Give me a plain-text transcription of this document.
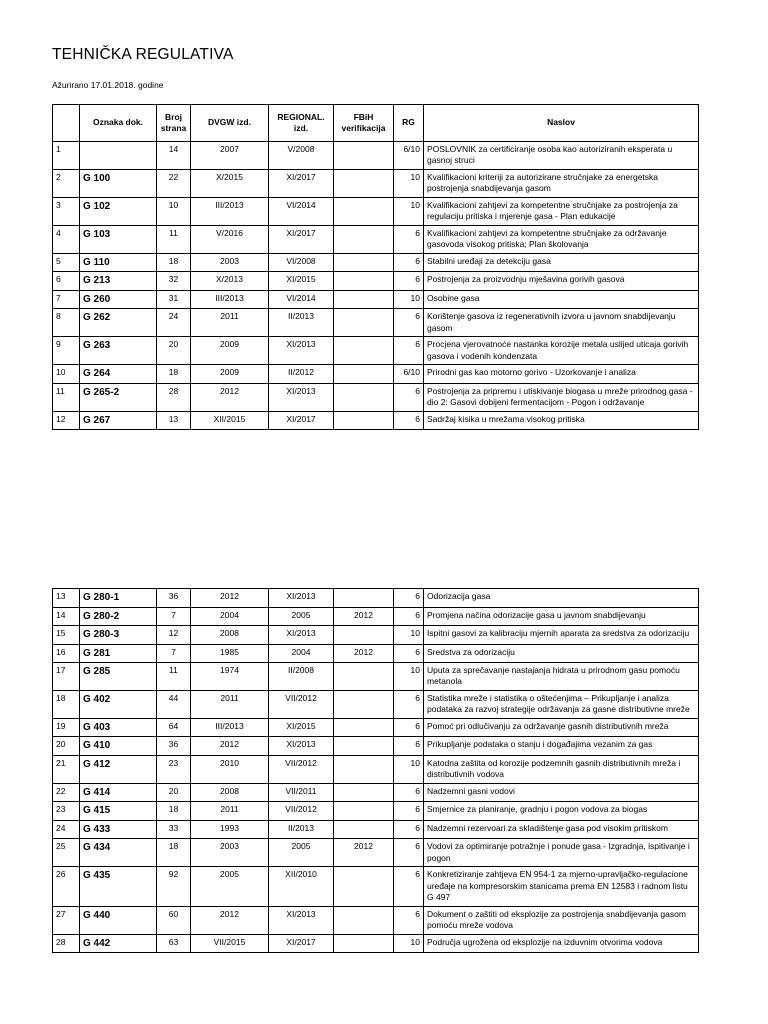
TEHNIČKA REGULATIVA
Ažurirano 17.01.2018. godine
	Oznaka dok.	Broj strana	DVGW izd.	REGIONAL. izd.	FBiH verifikacija	RG	Naslov
1		14	2007	V/2008		6/10	POSLOVNIK za certificiranje osoba kao autoriziranih eksperata u gasnoj struci
2	G 100	22	X/2015	XI/2017		10	Kvalifikacioni kriteriji za autorizirane stručnjake za energetska postrojenja snabdijevanja gasom
3	G 102	10	III/2013	VI/2014		10	Kvalifikacioni zahtjevi za kompetentne stručnjake za postrojenja za regulaciju pritiska i mjerenje gasa - Plan edukacije
4	G 103	11	V/2016	XI/2017		6	Kvalifikacioni zahtjevi za kompetentne stručnjake za održavanje gasovoda visokog pritiska; Plan školovanja
5	G 110	18	2003	VI/2008		6	Stabilni uređaji za detekciju gasa
6	G 213	32	X/2013	XI/2015		6	Postrojenja za proizvodnju mješavina gorivih gasova
7	G 260	31	III/2013	VI/2014		10	Osobine gasa
8	G 262	24	2011	II/2013		6	Korištenje gasova iz regenerativnih izvora u javnom snabdijevanju gasom
9	G 263	20	2009	XI/2013		6	Procjena vjerovatnoće nastanka korozije metala uslijed uticaja gorivih gasova i vodenih kondenzata
10	G 264	18	2009	II/2012		6/10	Prirodni gas kao motorno gorivo - Uzorkovanje i analiza
11	G 265-2	28	2012	XI/2013		6	Postrojenja za pripremu i utiskivanje biogasa u mreže prirodnog gasa - dio 2: Gasovi dobijeni fermentacijom - Pogon i održavanje
12	G 267	13	XII/2015	XI/2017		6	Sadržaj kisika u mrežama visokog pritiska
13	G 280-1	36	2012	XI/2013		6	Odorizacija gasa
14	G 280-2	7	2004	2005	2012	6	Promjena načina odorizacije gasa u javnom snabdijevanju
15	G 280-3	12	2008	XI/2013		10	Ispitni gasovi za kalibraciju mjernih aparata za sredstva za odorizaciju
16	G 281	7	1985	2004	2012	6	Sredstva za odorizaciju
17	G 285	11	1974	II/2008		10	Uputa za sprečavanje nastajanja hidrata u prirodnom gasu pomoću metanola
18	G 402	44	2011	VII/2012		6	Statistika mreže i statistika o oštećenjima – Prikupljanje i analiza podataka za razvoj strategije održavanja za gasne distributivne mreže
19	G 403	64	III/2013	XI/2015		6	Pomoć pri odlučivanju za održavanje gasnih distributivnih mreža
20	G 410	36	2012	XI/2013		6	Prikupljanje podataka o stanju i događajima vezanim za gas
21	G 412	23	2010	VII/2012		10	Katodna zaštita od korozije podzemnih gasnih distributivnih mreža i distributivnih vodova
22	G 414	20	2008	VII/2011		6	Nadzemni gasni vodovi
23	G 415	18	2011	VII/2012		6	Smjernice za planiranje, gradnju i pogon vodova za biogas
24	G 433	33	1993	II/2013		6	Nadzemni rezervoari za skladištenje gasa pod visokim pritiskom
25	G 434	18	2003	2005	2012	6	Vodovi za optimiranje potražnje i ponude gasa - Izgradnja, ispitivanje i pogon
26	G 435	92	2005	XII/2010		6	Konkretiziranje zahtjeva EN 954-1 za mjerno-upravljačko-regulacione uređaje na kompresorskim stanicama prema EN 12583 i radnom listu G 497
27	G 440	60	2012	XI/2013		6	Dokument o zaštiti od eksplozije za postrojenja snabdijevanja gasom pomoću mreže vodova
28	G 442	63	VII/2015	XI/2017		10	Područja ugrožena od eksplozije na izduvnim otvorima vodova
